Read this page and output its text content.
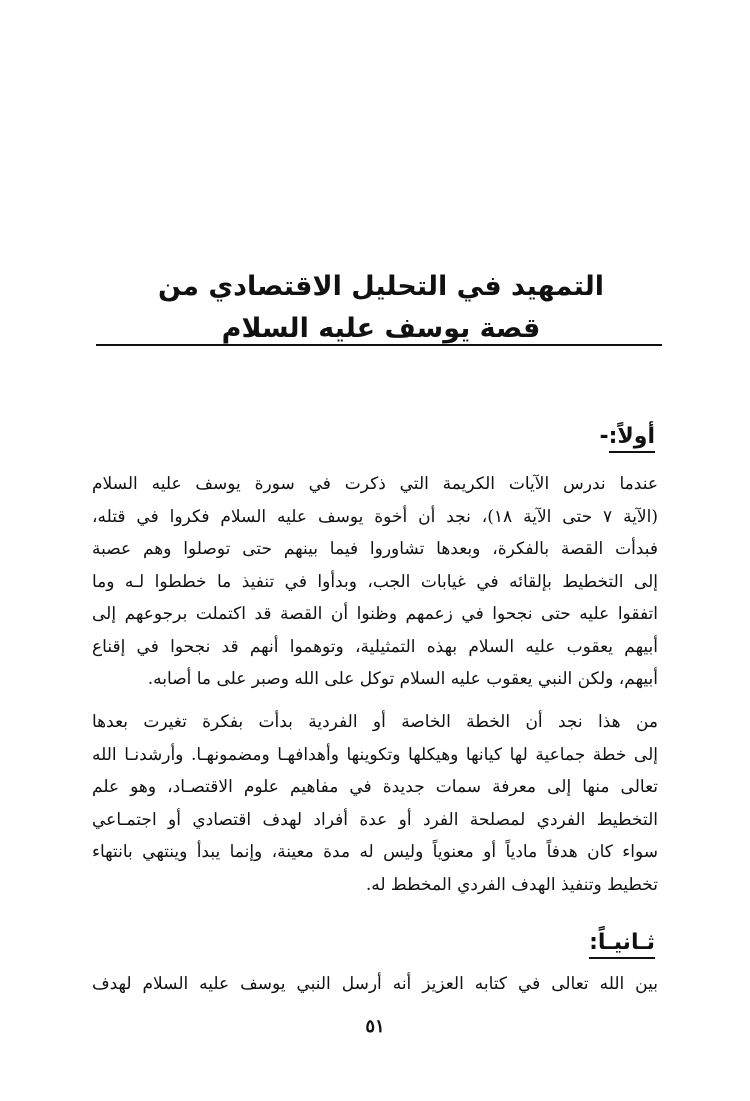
التمهيد في التحليل الاقتصادي من

قصة يوسف عليه السلام

أولاً:-
عندما ندرس الآيات الكريمة التي ذكرت في سورة يوسف عليه السلام
(الآية ٧ حتى الآية ١٨)، نجد أن أخوة يوسف عليه السلام فكروا في قتله،
فبدأت القصة بالفكرة، وبعدها تشاوروا فيما بينهم حتى توصلوا وهم عصبة
إلى التخطيط بإلقائه في غيابات الجب، وبدأوا في تنفيذ ما خططوا لـه وما
اتفقوا عليه حتى نجحوا في زعمهم وظنوا أن القصة قد اكتملت برجوعهم إلى
أبيهم يعقوب عليه السلام بهذه التمثيلية، وتوهموا أنهم قد نجحوا في إقناع
أبيهم، ولكن النبي يعقوب عليه السلام توكل على الله وصبر على ما أصابه.
من هذا نجد أن الخطة الخاصة أو الفردية بدأت بفكرة تغيرت بعدها
إلى خطة جماعية لها كيانها وهيكلها وتكوينها وأهدافهـا ومضمونهـا. وأرشدنـا الله
تعالى منها إلى معرفة سمات جديدة في مفاهيم علوم الاقتصـاد، وهو علم
التخطيط الفردي لمصلحة الفرد أو عدة أفراد لهدف اقتصادي أو اجتمـاعي
سواء كان هدفاً مادياً أو معنوياً وليس له مدة معينة، وإنما يبدأ وينتهي بانتهاء
تخطيط وتنفيذ الهدف الفردي المخطط له.
ثـانيـاً:
بين الله تعالى في كتابه العزيز أنه أرسل النبي يوسف عليه السلام لهدف
٥١
